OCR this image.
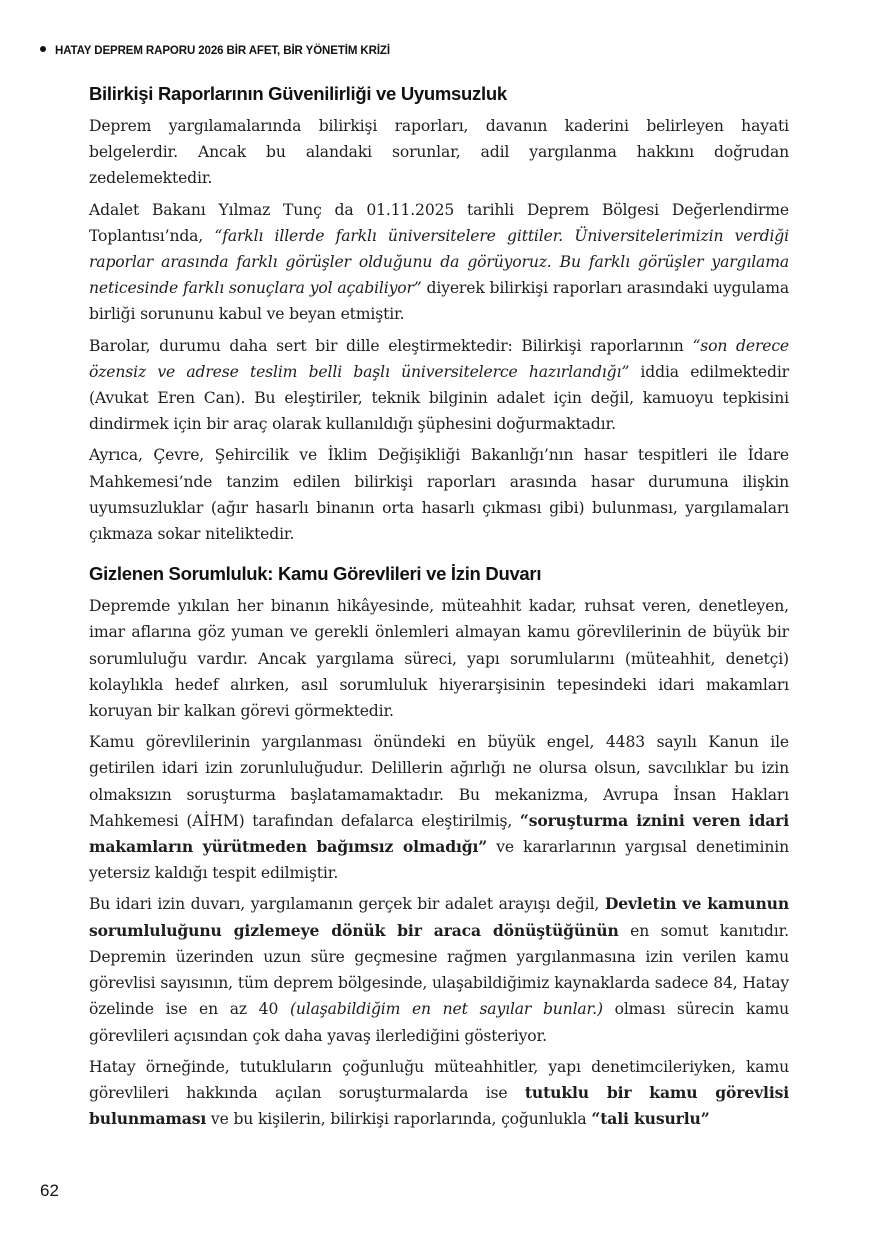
HATAY DEPREM RAPORU 2026 BİR AFET, BİR YÖNETİM KRİZİ
Bilirkişi Raporlarının Güvenilirliği ve Uyumsuzluk

Deprem yargılamalarında bilirkişi raporları, davanın kaderini belirleyen hayati belgelerdir. Ancak bu alandaki sorunlar, adil yargılanma hakkını doğrudan zedelemektedir.

Adalet Bakanı Yılmaz Tunç da 01.11.2025 tarihli Deprem Bölgesi Değerlendirme Toplantısı’nda, “farklı illerde farklı üniversitelere gittiler. Üniversitelerimizin verdiği raporlar arasında farklı görüşler olduğunu da görüyoruz. Bu farklı görüşler yargılama neticesinde farklı sonuçlara yol açabiliyor” diyerek bilirkişi raporları arasındaki uygulama birliği sorununu kabul ve beyan etmiştir.

Barolar, durumu daha sert bir dille eleştirmektedir: Bilirkişi raporlarının “son derece özensiz ve adrese teslim belli başlı üniversitelerce hazırlandığı” iddia edilmektedir (Avukat Eren Can). Bu eleştiriler, teknik bilginin adalet için değil, kamuoyu tepkisini dindirmek için bir araç olarak kullanıldığı şüphesini doğurmaktadır.

Ayrıca, Çevre, Şehircilik ve İklim Değişikliği Bakanlığı’nın hasar tespitleri ile İdare Mahkemesi’nde tanzim edilen bilirkişi raporları arasında hasar durumuna ilişkin uyumsuzluklar (ağır hasarlı binanın orta hasarlı çıkması gibi) bulunması, yargılamaları çıkmaza sokar niteliktedir.

Gizlenen Sorumluluk: Kamu Görevlileri ve İzin Duvarı

Depremde yıkılan her binanın hikâyesinde, müteahhit kadar, ruhsat veren, denetleyen, imar aflarına göz yuman ve gerekli önlemleri almayan kamu görevlilerinin de büyük bir sorumluluğu vardır. Ancak yargılama süreci, yapı sorumlularını (müteahhit, denetçi) kolaylıkla hedef alırken, asıl sorumluluk hiyerarşisinin tepesindeki idari makamları koruyan bir kalkan görevi görmektedir.

Kamu görevlilerinin yargılanması önündeki en büyük engel, 4483 sayılı Kanun ile getirilen idari izin zorunluluğudur. Delillerin ağırlığı ne olursa olsun, savcılıklar bu izin olmaksızın soruşturma başlatamamaktadır. Bu mekanizma, Avrupa İnsan Hakları Mahkemesi (AİHM) tarafından defalarca eleştirilmiş, “soruşturma iznini veren idari makamların yürütmeden bağımsız olmadığı” ve kararlarının yargısal denetiminin yetersiz kaldığı tespit edilmiştir.

Bu idari izin duvarı, yargılamanın gerçek bir adalet arayışı değil, Devletin ve kamunun sorumluluğunu gizlemeye dönük bir araca dönüştüğünün en somut kanıtıdır. Depremin üzerinden uzun süre geçmesine rağmen yargılanmasına izin verilen kamu görevlisi sayısının, tüm deprem bölgesinde, ulaşabildiğimiz kaynaklarda sadece 84, Hatay özelinde ise en az 40 (ulaşabildiğim en net sayılar bunlar.) olması sürecin kamu görevlileri açısından çok daha yavaş ilerlediğini gösteriyor.

Hatay örneğinde, tutukluların çoğunluğu müteahhitler, yapı denetimcileriyken, kamu görevlileri hakkında açılan soruşturmalarda ise tutuklu bir kamu görevlisi bulunmaması ve bu kişilerin, bilirkişi raporlarında, çoğunlukla “tali kusurlu”

62
